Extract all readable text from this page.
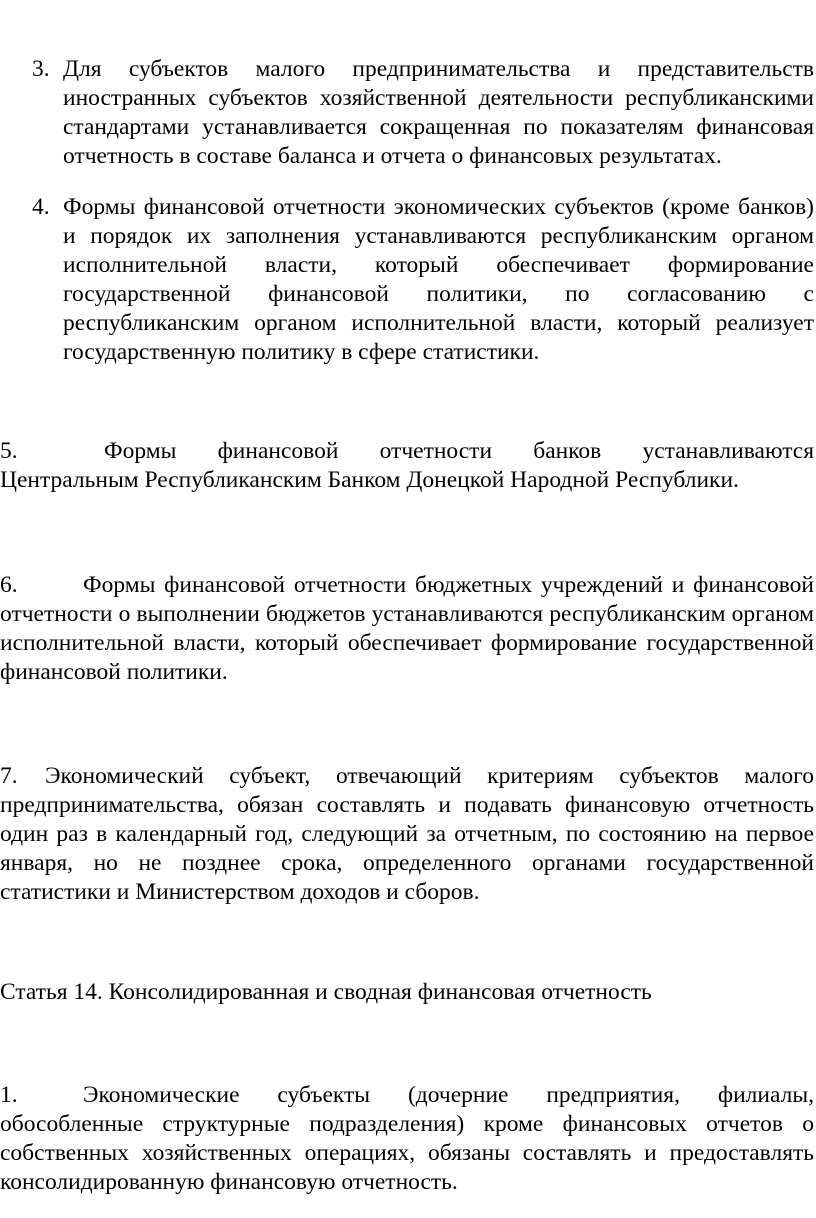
3. Для субъектов малого предпринимательства и представительств иностранных субъектов хозяйственной деятельности республиканскими стандартами устанавливается сокращенная по показателям финансовая отчетность в составе баланса и отчета о финансовых результатах.
4. Формы финансовой отчетности экономических субъектов (кроме банков) и порядок их заполнения устанавливаются республиканским органом исполнительной власти, который обеспечивает формирование государственной финансовой политики, по согласованию с республиканским органом исполнительной власти, который реализует государственную политику в сфере статистики.
5.	Формы финансовой отчетности банков устанавливаются Центральным Республиканским Банком Донецкой Народной Республики.
6.	Формы финансовой отчетности бюджетных учреждений и финансовой отчетности о выполнении бюджетов устанавливаются республиканским органом исполнительной власти, который обеспечивает формирование государственной финансовой политики.
7. Экономический субъект, отвечающий критериям субъектов малого предпринимательства, обязан составлять и подавать финансовую отчетность один раз в календарный год, следующий за отчетным, по состоянию на первое января, но не позднее срока, определенного органами государственной статистики и Министерством доходов и сборов.
Статья 14. Консолидированная и сводная финансовая отчетность
1.	Экономические субъекты (дочерние предприятия, филиалы, обособленные структурные подразделения) кроме финансовых отчетов о собственных хозяйственных операциях, обязаны составлять и предоставлять консолидированную финансовую отчетность.
